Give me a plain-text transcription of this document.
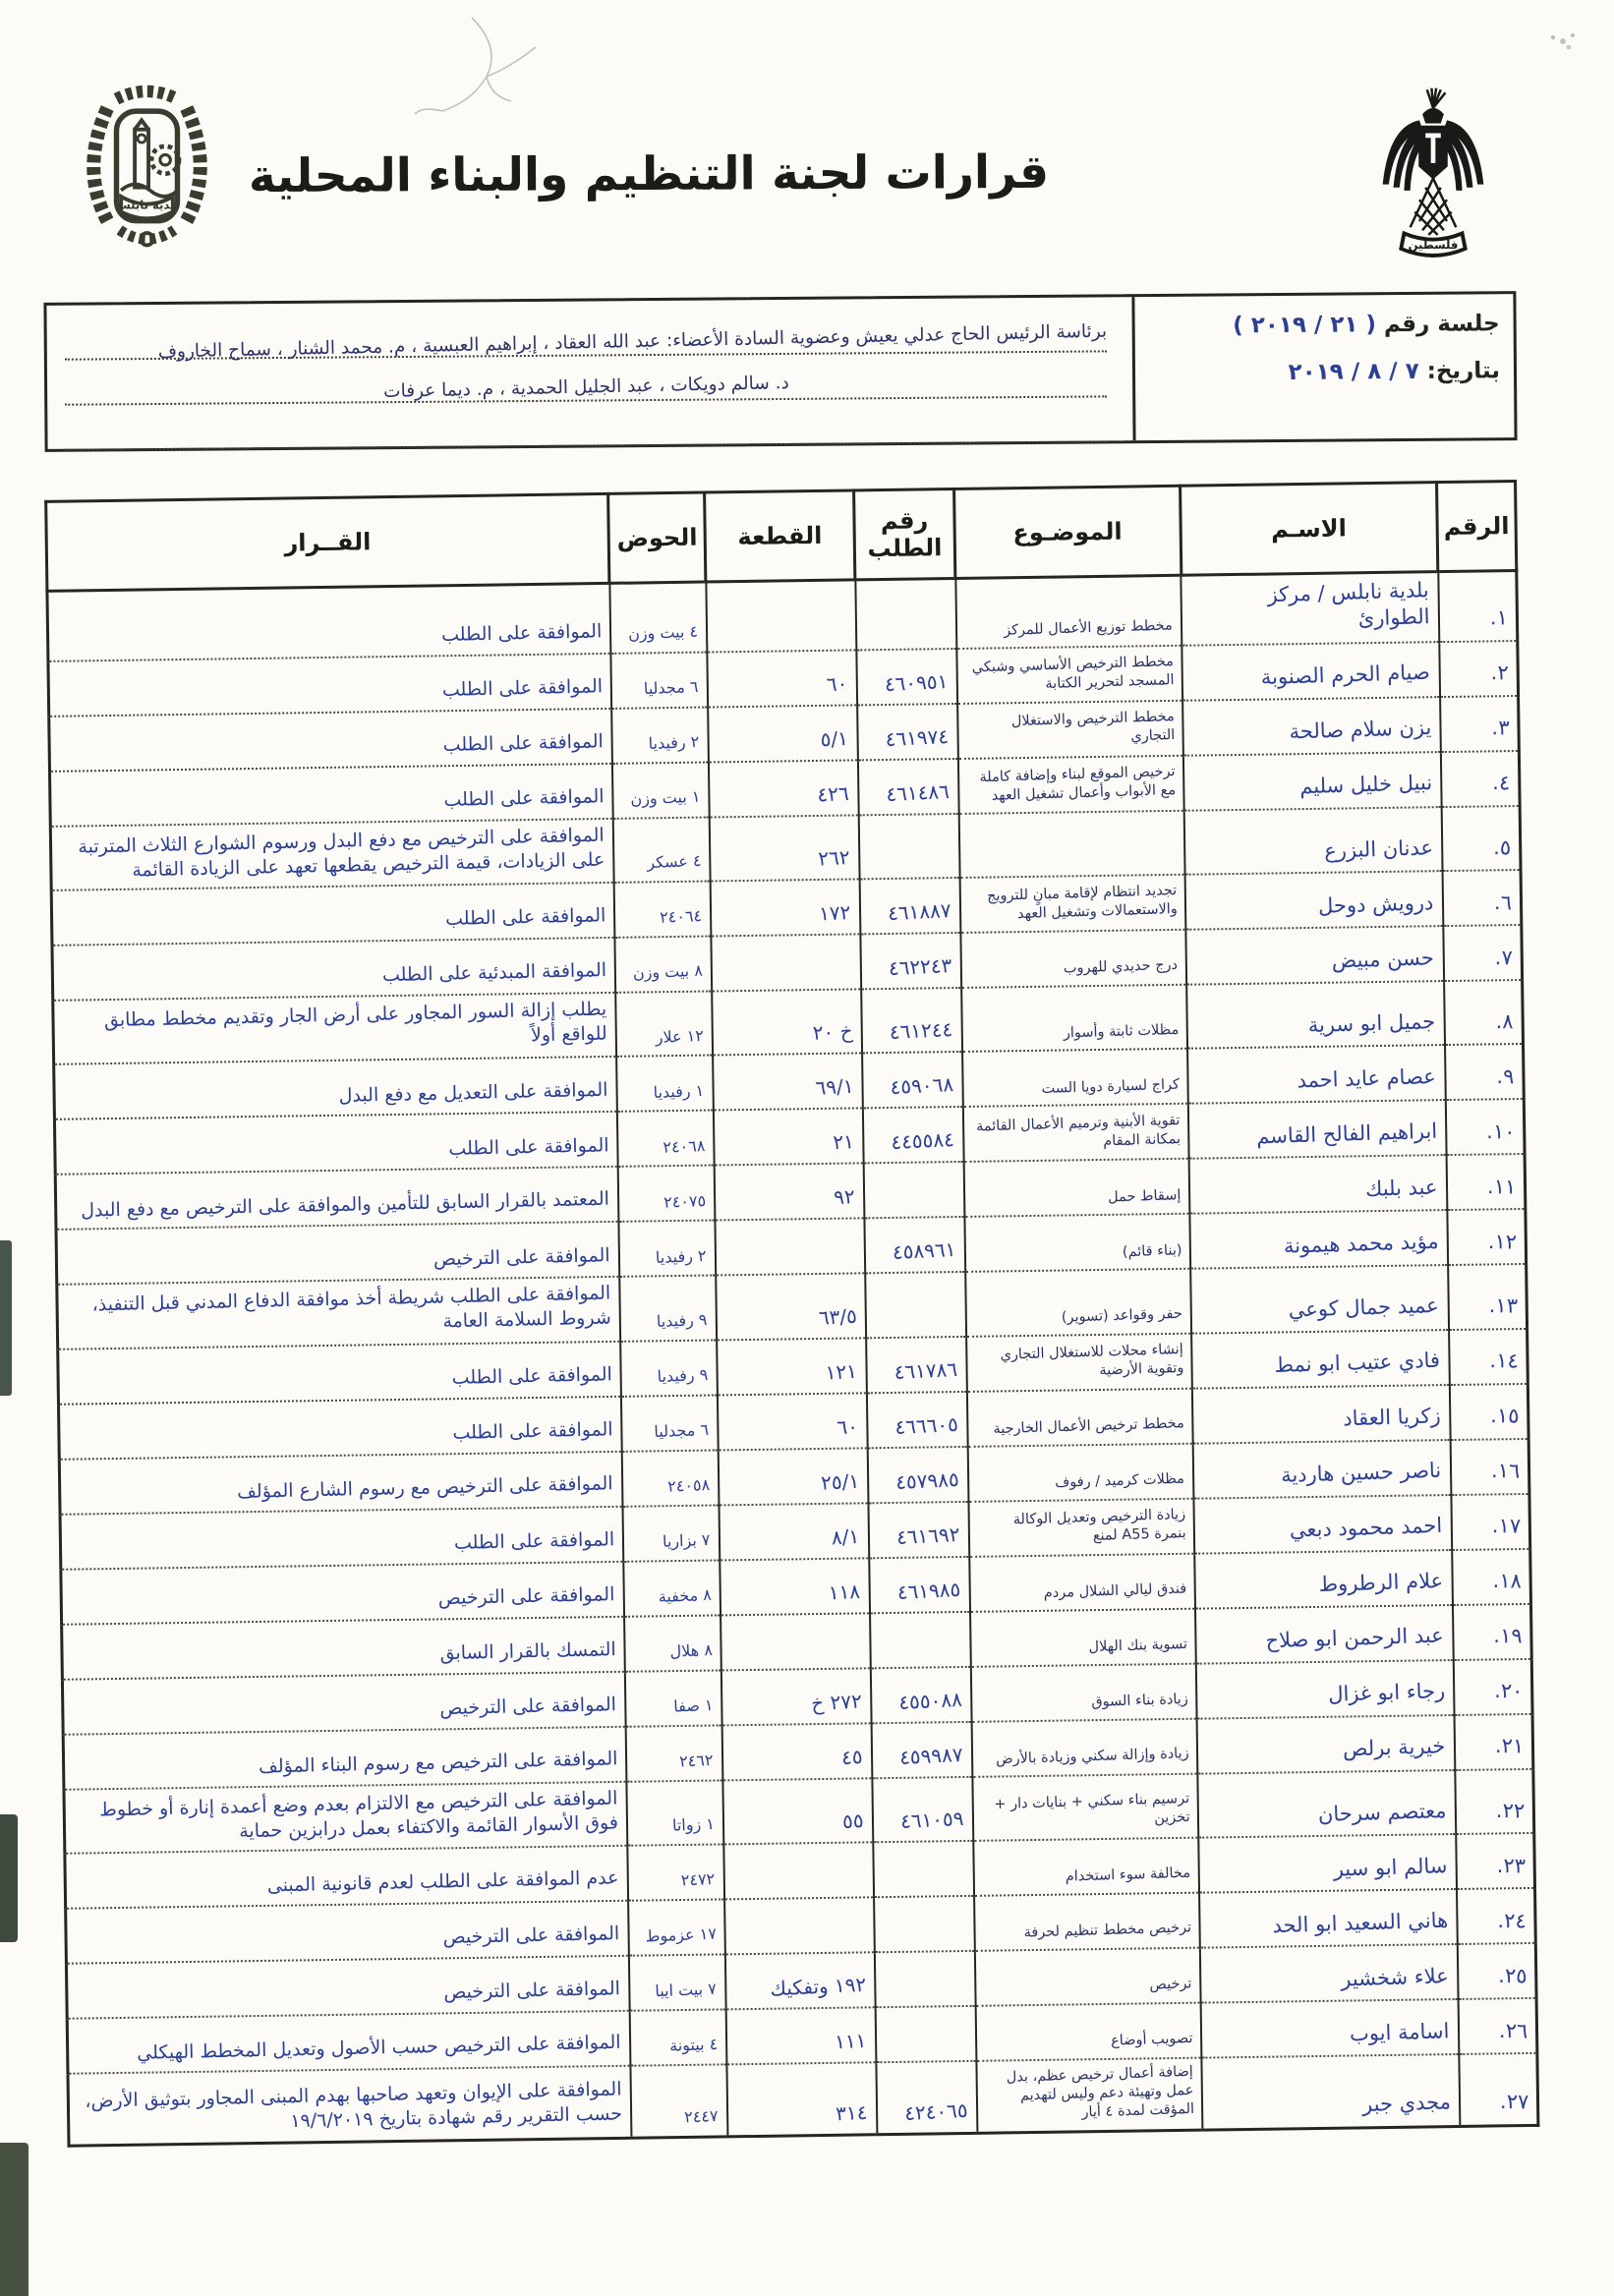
بلدية نابلس
قرارات لجنة التنظيم والبناء المحلية
فلسطين
جلسة رقم ( ٢١ / ٢٠١٩ )
بتاريخ: ٧ / ٨ / ٢٠١٩
برئاسة الرئيس الحاج عدلي يعيش وعضوية السادة الأعضاء: عبد الله العقاد ، إبراهيم العبسية ، م. محمد الشنار ، سماح الخاروف
د. سالم دويكات ، عبد الجليل الحمدية ، م. ديما عرفات
الرقم	الاسـم	الموضـوع	رقم الطلب	القطعة	الحوض	القــرار
١.	بلدية نابلس / مركز الطوارئ	مخطط توزيع الأعمال للمركز			٤ بيت وزن	الموافقة على الطلب
٢.	صيام الحرم الصنوبة	مخطط الترخيص الأساسي وشبكي المسجد لتحرير الكتابة	٤٦٠٩٥١	٦٠	٦ مجدليا	الموافقة على الطلب
٣.	يزن سلام صالحة	مخطط الترخيص والاستغلال التجاري	٤٦١٩٧٤	٥/١	٢ رفيديا	الموافقة على الطلب
٤.	نبيل خليل سليم	ترخيص الموقع لبناء وإضافة كاملة مع الأبواب وأعمال تشغيل العهد	٤٦١٤٨٦	٤٢٦	١ بيت وزن	الموافقة على الطلب
٥.	عدنان البزرع			٢٦٢	٤ عسكر	الموافقة على الترخيص مع دفع البدل ورسوم الشوارع الثلاث المترتبة على الزيادات، قيمة الترخيص يقطعها تعهد على الزيادة القائمة
٦.	درويش دوحل	تجديد انتظام لإقامة مبانٍ للترويج والاستعمالات وتشغيل العهد	٤٦١٨٨٧	١٧٢	٢٤٠٦٤	الموافقة على الطلب
٧.	حسن مبيض	درج حديدي للهروب	٤٦٢٢٤٣		٨ بيت وزن	الموافقة المبدئية على الطلب
٨.	جميل ابو سرية	مظلات ثابتة وأسوار	٤٦١٢٤٤	خ ٢٠	١٢ علار	يطلب إزالة السور المجاور على أرض الجار وتقديم مخطط مطابق للواقع أولاً
٩.	عصام عايد احمد	كراج لسيارة دويا الست	٤٥٩٠٦٨	٦٩/١	١ رفيديا	الموافقة على التعديل مع دفع البدل
١٠.	ابراهيم الفالح القاسم	تقوية الأبنية وترميم الأعمال القائمة بمكانة المقام	٤٤٥٥٨٤	٢١	٢٤٠٦٨	الموافقة على الطلب
١١.	عبد بلبك	إسقاط حمل		٩٢	٢٤٠٧٥	المعتمد بالقرار السابق للتأمين والموافقة على الترخيص مع دفع البدل
١٢.	مؤيد محمد هيمونة	(بناء قائم)	٤٥٨٩٦١		٢ رفيديا	الموافقة على الترخيص
١٣.	عميد جمال كوعي	حفر وقواعد (تسوير)		٦٣/٥	٩ رفيديا	الموافقة على الطلب شريطة أخذ موافقة الدفاع المدني قبل التنفيذ، شروط السلامة العامة
١٤.	فادي عتيب ابو نمط	إنشاء محلات للاستغلال التجاري وتقوية الأرضية	٤٦١٧٨٦	١٢١	٩ رفيديا	الموافقة على الطلب
١٥.	زكريا العقاد	مخطط ترخيص الأعمال الخارجية	٤٦٦٦٠٥	٦٠	٦ مجدليا	الموافقة على الطلب
١٦.	ناصر حسين هاردية	مظلات كرميد / رفوف	٤٥٧٩٨٥	٢٥/١	٢٤٠٥٨	الموافقة على الترخيص مع رسوم الشارع المؤلف
١٧.	احمد محمود دبعي	زيادة الترخيص وتعديل الوكالة بنمرة A55 لمنع	٤٦١٦٩٢	٨/١	٧ بزاريا	الموافقة على الطلب
١٨.	علام الرطروط	فندق ليالي الشلال مردم	٤٦١٩٨٥	١١٨	٨ مخفية	الموافقة على الترخيص
١٩.	عبد الرحمن ابو صلاح	تسوية بنك الهلال			٨ هلال	التمسك بالقرار السابق
٢٠.	رجاء ابو غزال	زيادة بناء السوق	٤٥٥٠٨٨	٢٧٢ خ	١ صفا	الموافقة على الترخيص
٢١.	خيرية برلص	زيادة وإزالة سكني وزيادة بالأرض	٤٥٩٩٨٧	٤٥	٢٤٦٢	الموافقة على الترخيص مع رسوم البناء المؤلف
٢٢.	معتصم سرحان	ترسيم بناء سكني + بنايات دار + تخزين	٤٦١٠٥٩	٥٥	١ زواتا	الموافقة على الترخيص مع الالتزام بعدم وضع أعمدة إنارة أو خطوط فوق الأسوار القائمة والاكتفاء بعمل درابزين حماية
٢٣.	سالم ابو سير	مخالفة سوء استخدام			٢٤٧٢	عدم الموافقة على الطلب لعدم قانونية المبنى
٢٤.	هاني السعيد ابو الحد	ترخيص مخطط تنظيم لحرفة			١٧ عزموط	الموافقة على الترخيص
٢٥.	علاء شخشير	ترخيص		١٩٢ وتفكيك	٧ بيت ايبا	الموافقة على الترخيص
٢٦.	اسامة ايوب	تصويب أوضاع		١١١	٤ بيتونة	الموافقة على الترخيص حسب الأصول وتعديل المخطط الهيكلي
٢٧.	مجدي جبر	إضافة أعمال ترخيص عظم، بدل عمل وتهيئة دعم وليس لتهديم المؤقت لمدة ٤ أيار	٤٢٤٠٦٥	٣١٤	٢٤٤٧	الموافقة على الإيوان وتعهد صاحبها بهدم المبنى المجاور بتوثيق الأرض، حسب التقرير رقم شهادة بتاريخ ١٩/٦/٢٠١٩
